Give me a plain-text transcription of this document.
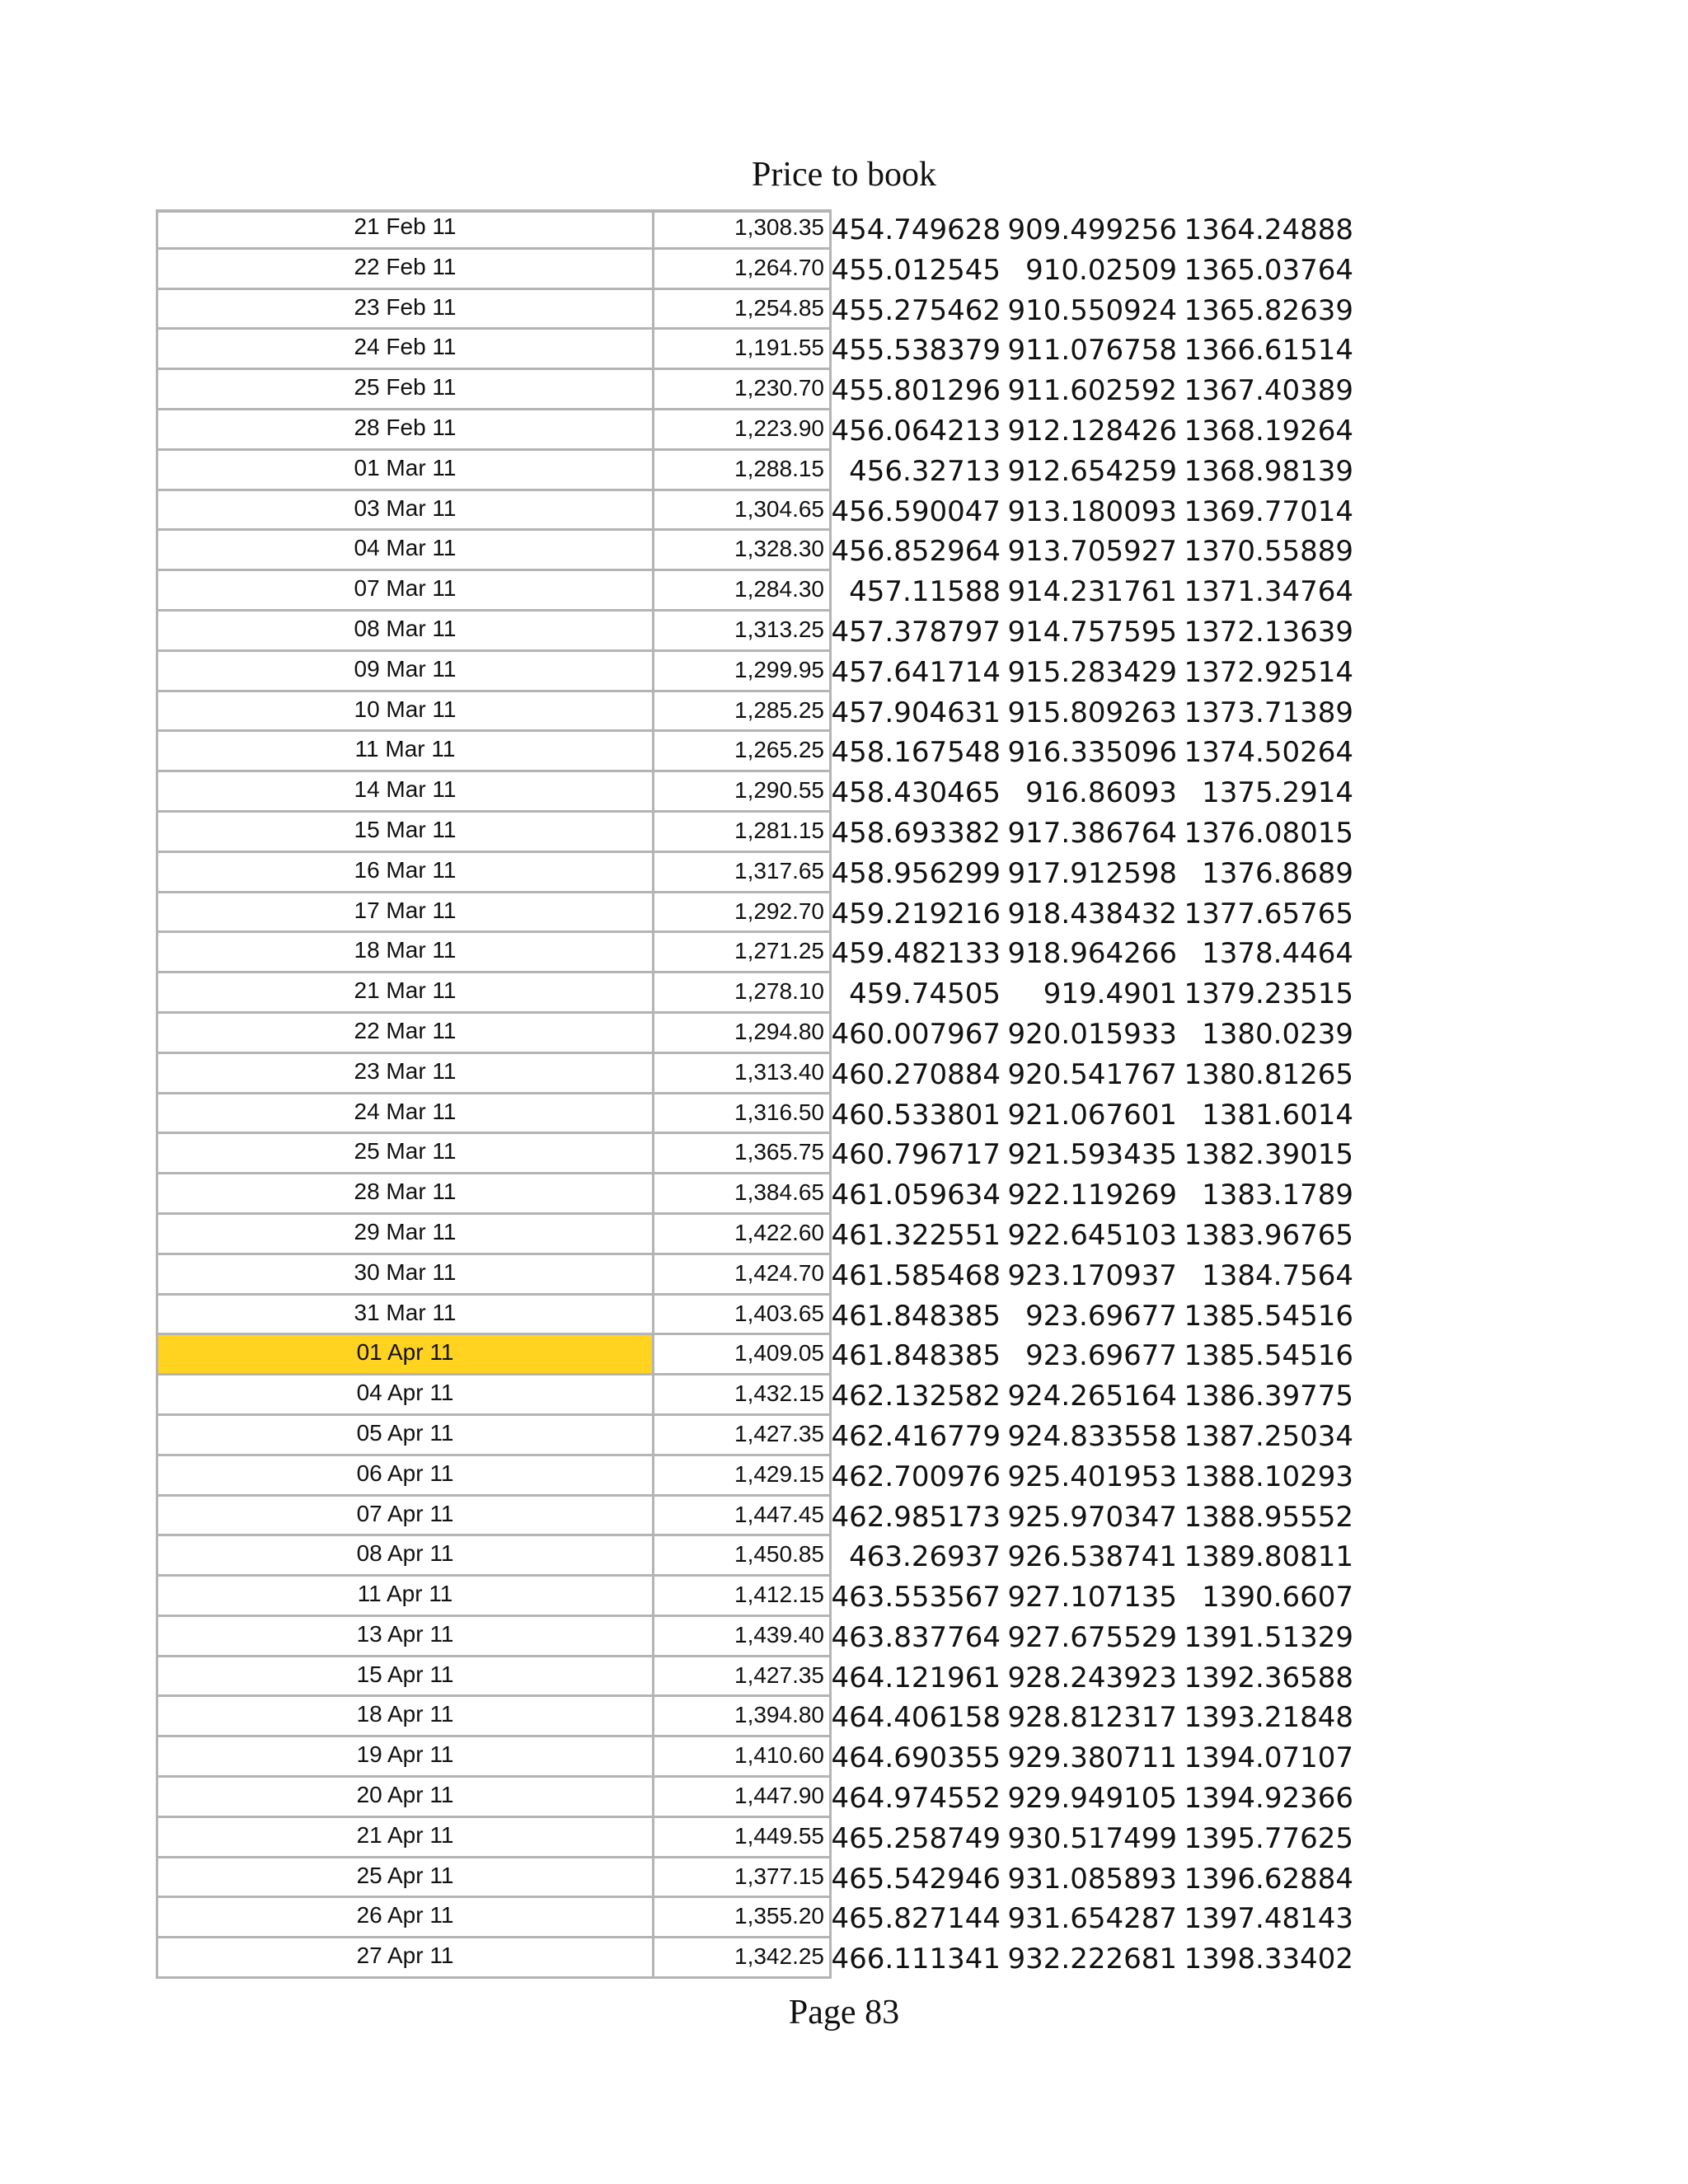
Price to book
21 Feb 11	1,308.35 454.749628 909.499256 1364.24888
22 Feb 11	1,264.70 455.012545 910.02509 1365.03764
23 Feb 11	1,254.85 455.275462 910.550924 1365.82639
24 Feb 11	1,191.55 455.538379 911.076758 1366.61514
25 Feb 11	1,230.70 455.801296 911.602592 1367.40389
28 Feb 11	1,223.90 456.064213 912.128426 1368.19264
01 Mar 11	1,288.15 456.32713 912.654259 1368.98139
03 Mar 11	1,304.65 456.590047 913.180093 1369.77014
04 Mar 11	1,328.30 456.852964 913.705927 1370.55889
07 Mar 11	1,284.30 457.11588 914.231761 1371.34764
08 Mar 11	1,313.25 457.378797 914.757595 1372.13639
09 Mar 11	1,299.95 457.641714 915.283429 1372.92514
10 Mar 11	1,285.25 457.904631 915.809263 1373.71389
11 Mar 11	1,265.25 458.167548 916.335096 1374.50264
14 Mar 11	1,290.55 458.430465 916.86093 1375.2914
15 Mar 11	1,281.15 458.693382 917.386764 1376.08015
16 Mar 11	1,317.65 458.956299 917.912598 1376.8689
17 Mar 11	1,292.70 459.219216 918.438432 1377.65765
18 Mar 11	1,271.25 459.482133 918.964266 1378.4464
21 Mar 11	1,278.10 459.74505	919.4901 1379.23515
22 Mar 11	1,294.80 460.007967 920.015933 1380.0239
23 Mar 11	1,313.40 460.270884 920.541767 1380.81265
24 Mar 11	1,316.50 460.533801 921.067601 1381.6014
25 Mar 11	1,365.75 460.796717 921.593435 1382.39015
28 Mar 11	1,384.65 461.059634 922.119269 1383.1789
29 Mar 11	1,422.60 461.322551 922.645103 1383.96765
30 Mar 11	1,424.70 461.585468 923.170937 1384.7564
31 Mar 11	1,403.65 461.848385 923.69677 1385.54516
01 Apr 11	1,409.05 461.848385 923.69677 1385.54516
04 Apr 11	1,432.15 462.132582 924.265164 1386.39775
05 Apr 11	1,427.35 462.416779 924.833558 1387.25034
06 Apr 11	1,429.15 462.700976 925.401953 1388.10293
07 Apr 11	1,447.45 462.985173 925.970347 1388.95552
08 Apr 11	1,450.85 463.26937 926.538741 1389.80811
11 Apr 11	1,412.15 463.553567 927.107135 1390.6607
13 Apr 11	1,439.40 463.837764 927.675529 1391.51329
15 Apr 11	1,427.35 464.121961 928.243923 1392.36588
18 Apr 11	1,394.80 464.406158 928.812317 1393.21848
19 Apr 11	1,410.60 464.690355 929.380711 1394.07107
20 Apr 11	1,447.90 464.974552 929.949105 1394.92366
21 Apr 11	1,449.55 465.258749 930.517499 1395.77625
25 Apr 11	1,377.15 465.542946 931.085893 1396.62884
26 Apr 11	1,355.20 465.827144 931.654287 1397.48143
27 Apr 11	1,342.25 466.111341 932.222681 1398.33402
Page 83
